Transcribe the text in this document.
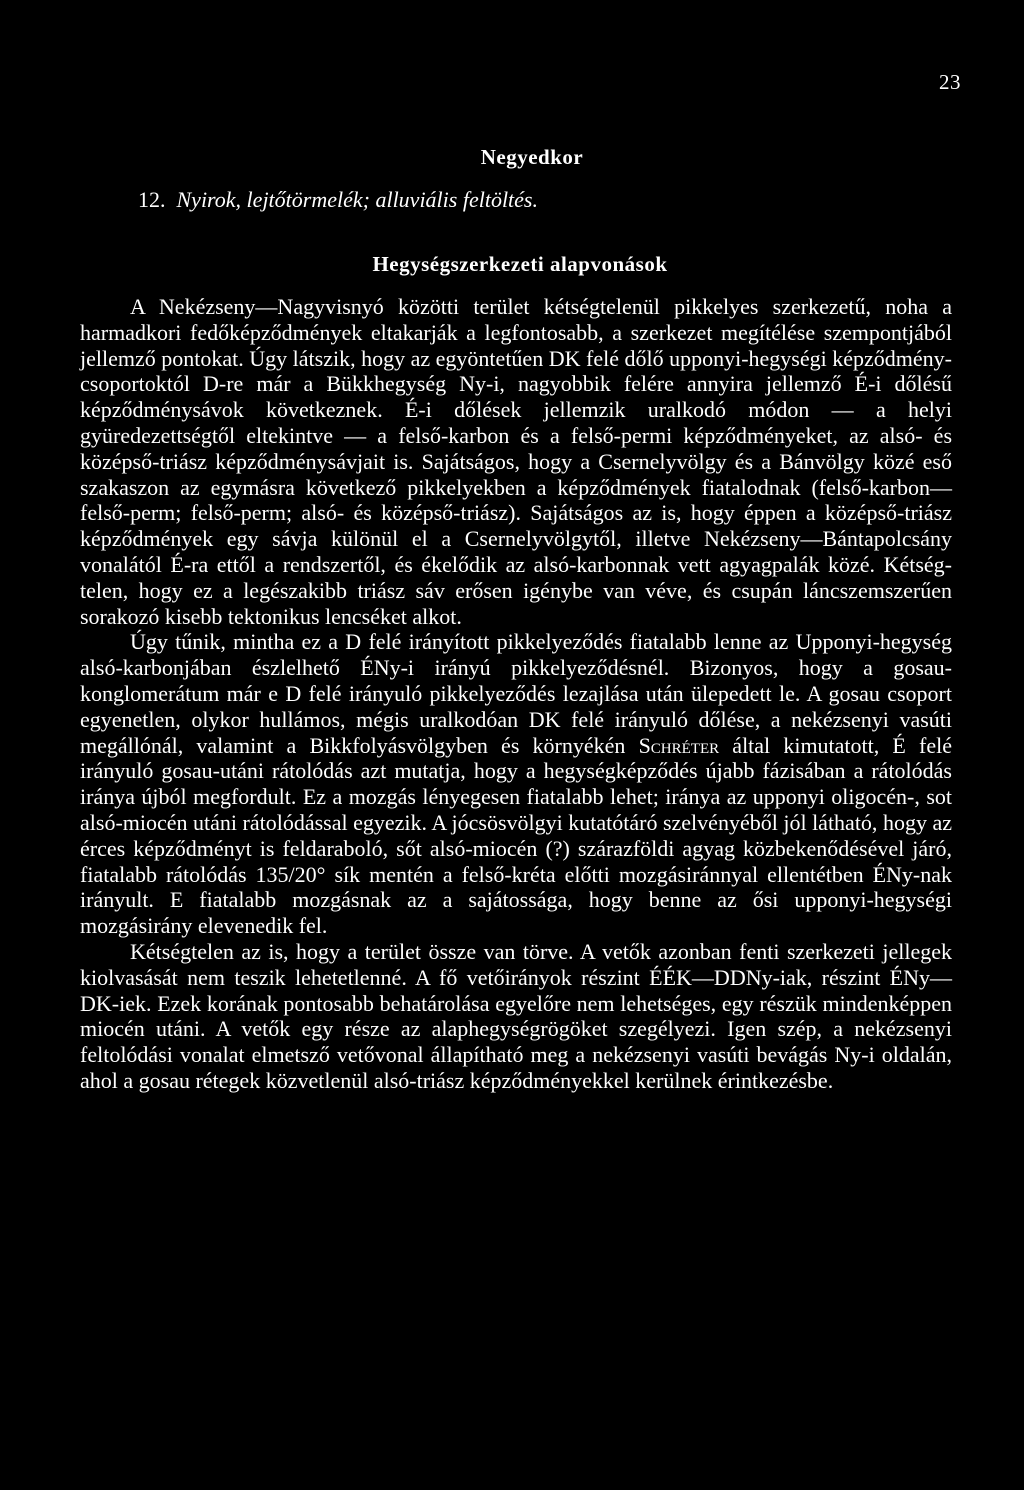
23
Negyedkor
12. Nyirok, lejtőtörmelék; alluviális feltöltés.
Hegységszerkezeti alapvonások

A Nekézseny—Nagyvisnyó közötti terület kétségtelenül pikkelyes szerkezetű, noha a harmadkori fedőképződmények eltakarják a legfontosabb, a szerkezet megítélése szempontjából jellemző pontokat. Úgy látszik, hogy az egyöntetűen DK felé dőlő upponyi-hegységi képződménycsoportoktól D-re már a Bükkhegység Ny-i, nagyobbik felére annyira jellemző É-i dőlésű képződménysávok következnek. É-i dőlések jellemzik uralkodó módon — a helyi gyüredezettségtől eltekintve — a felső-karbon és a felső-permi képződményeket, az alsó- és középső-triász képződménysávjait is. Sajátságos, hogy a Csernelyvölgy és a Bánvölgy közé eső szakaszon az egymásra következő pikkelyekben a képződmények fiatalodnak (felső-karbon—felső-perm; felső-perm; alsó- és középső-triász). Sajátságos az is, hogy éppen a középső-triász képződmények egy sávja különül el a Csernelyvölgytől, illetve Nekézseny—Bántapolcsány vonalától É-ra ettől a rendszertől, és ékelődik az alsó-karbonnak vett agyagpalák közé. Kétségtelen, hogy ez a legészakibb triász sáv erősen igénybe van véve, és csupán láncszemszerűen sorakozó kisebb tektonikus lencséket alkot.

Úgy tűnik, mintha ez a D felé irányított pikkelyeződés fiatalabb lenne az Upponyi-hegység alsó-karbonjában észlelhető ÉNy-i irányú pikkelyeződésnél. Bizonyos, hogy a gosau-konglomerátum már e D felé irányuló pikkelyeződés lezajlása után ülepedett le. A gosau csoport egyenetlen, olykor hullámos, mégis uralkodóan DK felé irányuló dőlése, a nekézsenyi vasúti megállónál, valamint a Bikkfolyásvölgyben és környékén Schréter által kimutatott, É felé irányuló gosau-utáni rátolódás azt mutatja, hogy a hegységképződés újabb fázisában a rátolódás iránya újból megfordult. Ez a mozgás lényegesen fiatalabb lehet; iránya az upponyi oligocén-, sot alsó-miocén utáni rátolódással egyezik. A jócsösvölgyi kutatótáró szelvényéből jól látható, hogy az érces képződményt is feldaraboló, sőt alsó-miocén (?) szárazföldi agyag közbekenődésével járó, fiatalabb rátolódás 135/20° sík mentén a felső-kréta előtti mozgásiránnyal ellentétben ÉNy-nak irányult. E fiatalabb mozgásnak az a sajátossága, hogy benne az ősi upponyi-hegységi mozgásirány elevenedik fel.

Kétségtelen az is, hogy a terület össze van törve. A vetők azonban fenti szerkezeti jellegek kiolvasását nem teszik lehetetlenné. A fő vetőirányok részint ÉÉK—DDNy-iak, részint ÉNy—DK-iek. Ezek korának pontosabb behatárolása egyelőre nem lehetséges, egy részük mindenképpen miocén utáni. A vetők egy része az alaphegységrögöket szegélyezi. Igen szép, a nekézsenyi feltolódási vonalat elmetsző vetővonal állapítható meg a nekézsenyi vasúti bevágás Ny-i oldalán, ahol a gosau rétegek közvetlenül alsó-triász képződményekkel kerülnek érintkezésbe.
